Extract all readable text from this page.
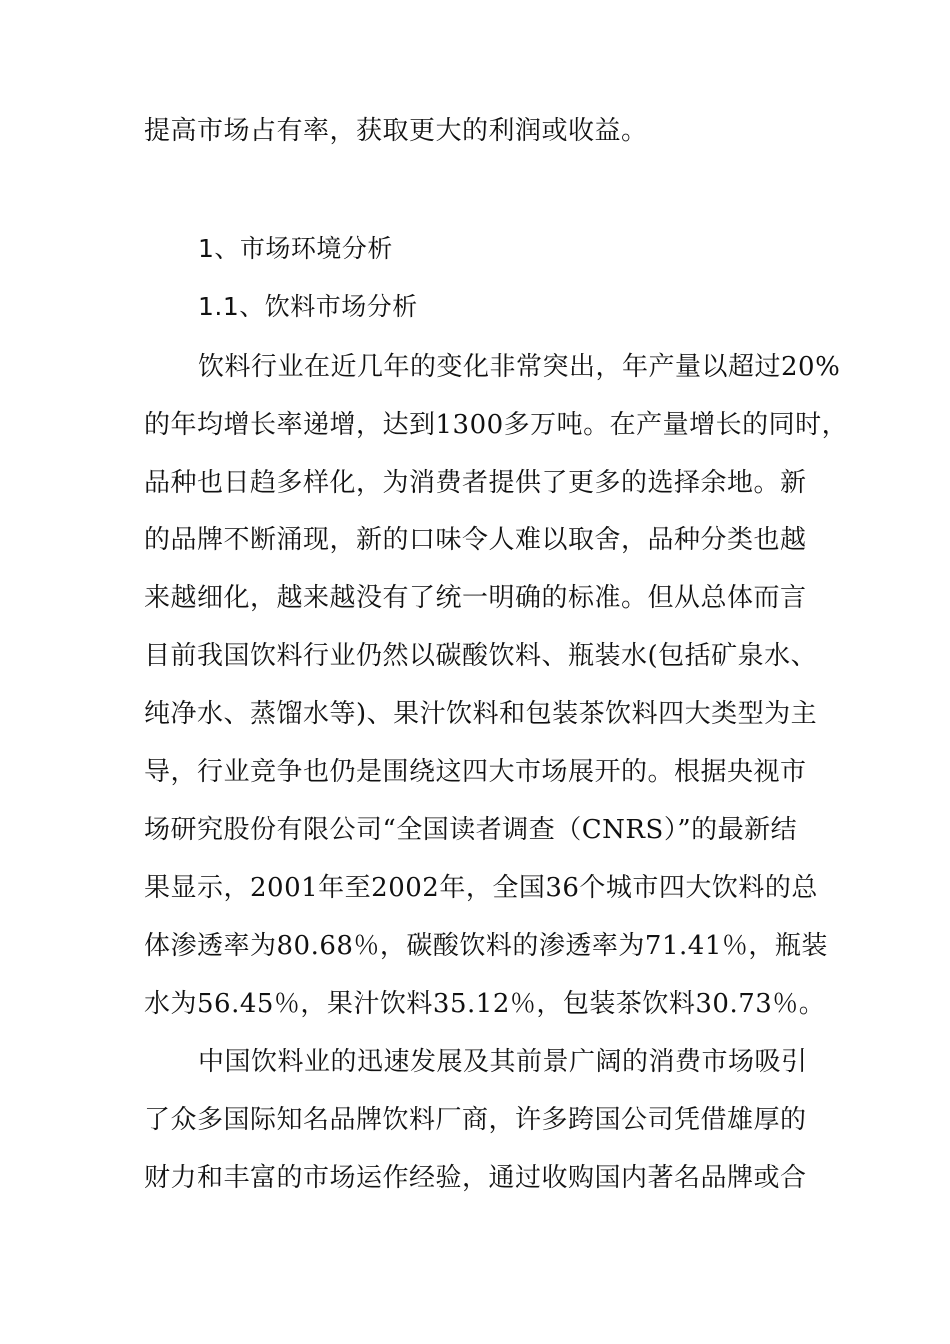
提高市场占有率，获取更大的利润或收益。
1、市场环境分析
1.1、饮料市场分析
饮料行业在近几年的变化非常突出，年产量以超过20%
的年均增长率递增，达到1300多万吨。在产量增长的同时，
品种也日趋多样化，为消费者提供了更多的选择余地。新
的品牌不断涌现，新的口味令人难以取舍，品种分类也越
来越细化，越来越没有了统一明确的标准。但从总体而言
目前我国饮料行业仍然以碳酸饮料、瓶装水(包括矿泉水、
纯净水、蒸馏水等)、果汁饮料和包装茶饮料四大类型为主
导，行业竞争也仍是围绕这四大市场展开的。根据央视市
场研究股份有限公司“全国读者调查（CNRS）”的最新结
果显示，2001年至2002年，全国36个城市四大饮料的总
体渗透率为80.68％，碳酸饮料的渗透率为71.41％，瓶装
水为56.45％，果汁饮料35.12％，包装茶饮料30.73％。
中国饮料业的迅速发展及其前景广阔的消费市场吸引
了众多国际知名品牌饮料厂商，许多跨国公司凭借雄厚的
财力和丰富的市场运作经验，通过收购国内著名品牌或合
